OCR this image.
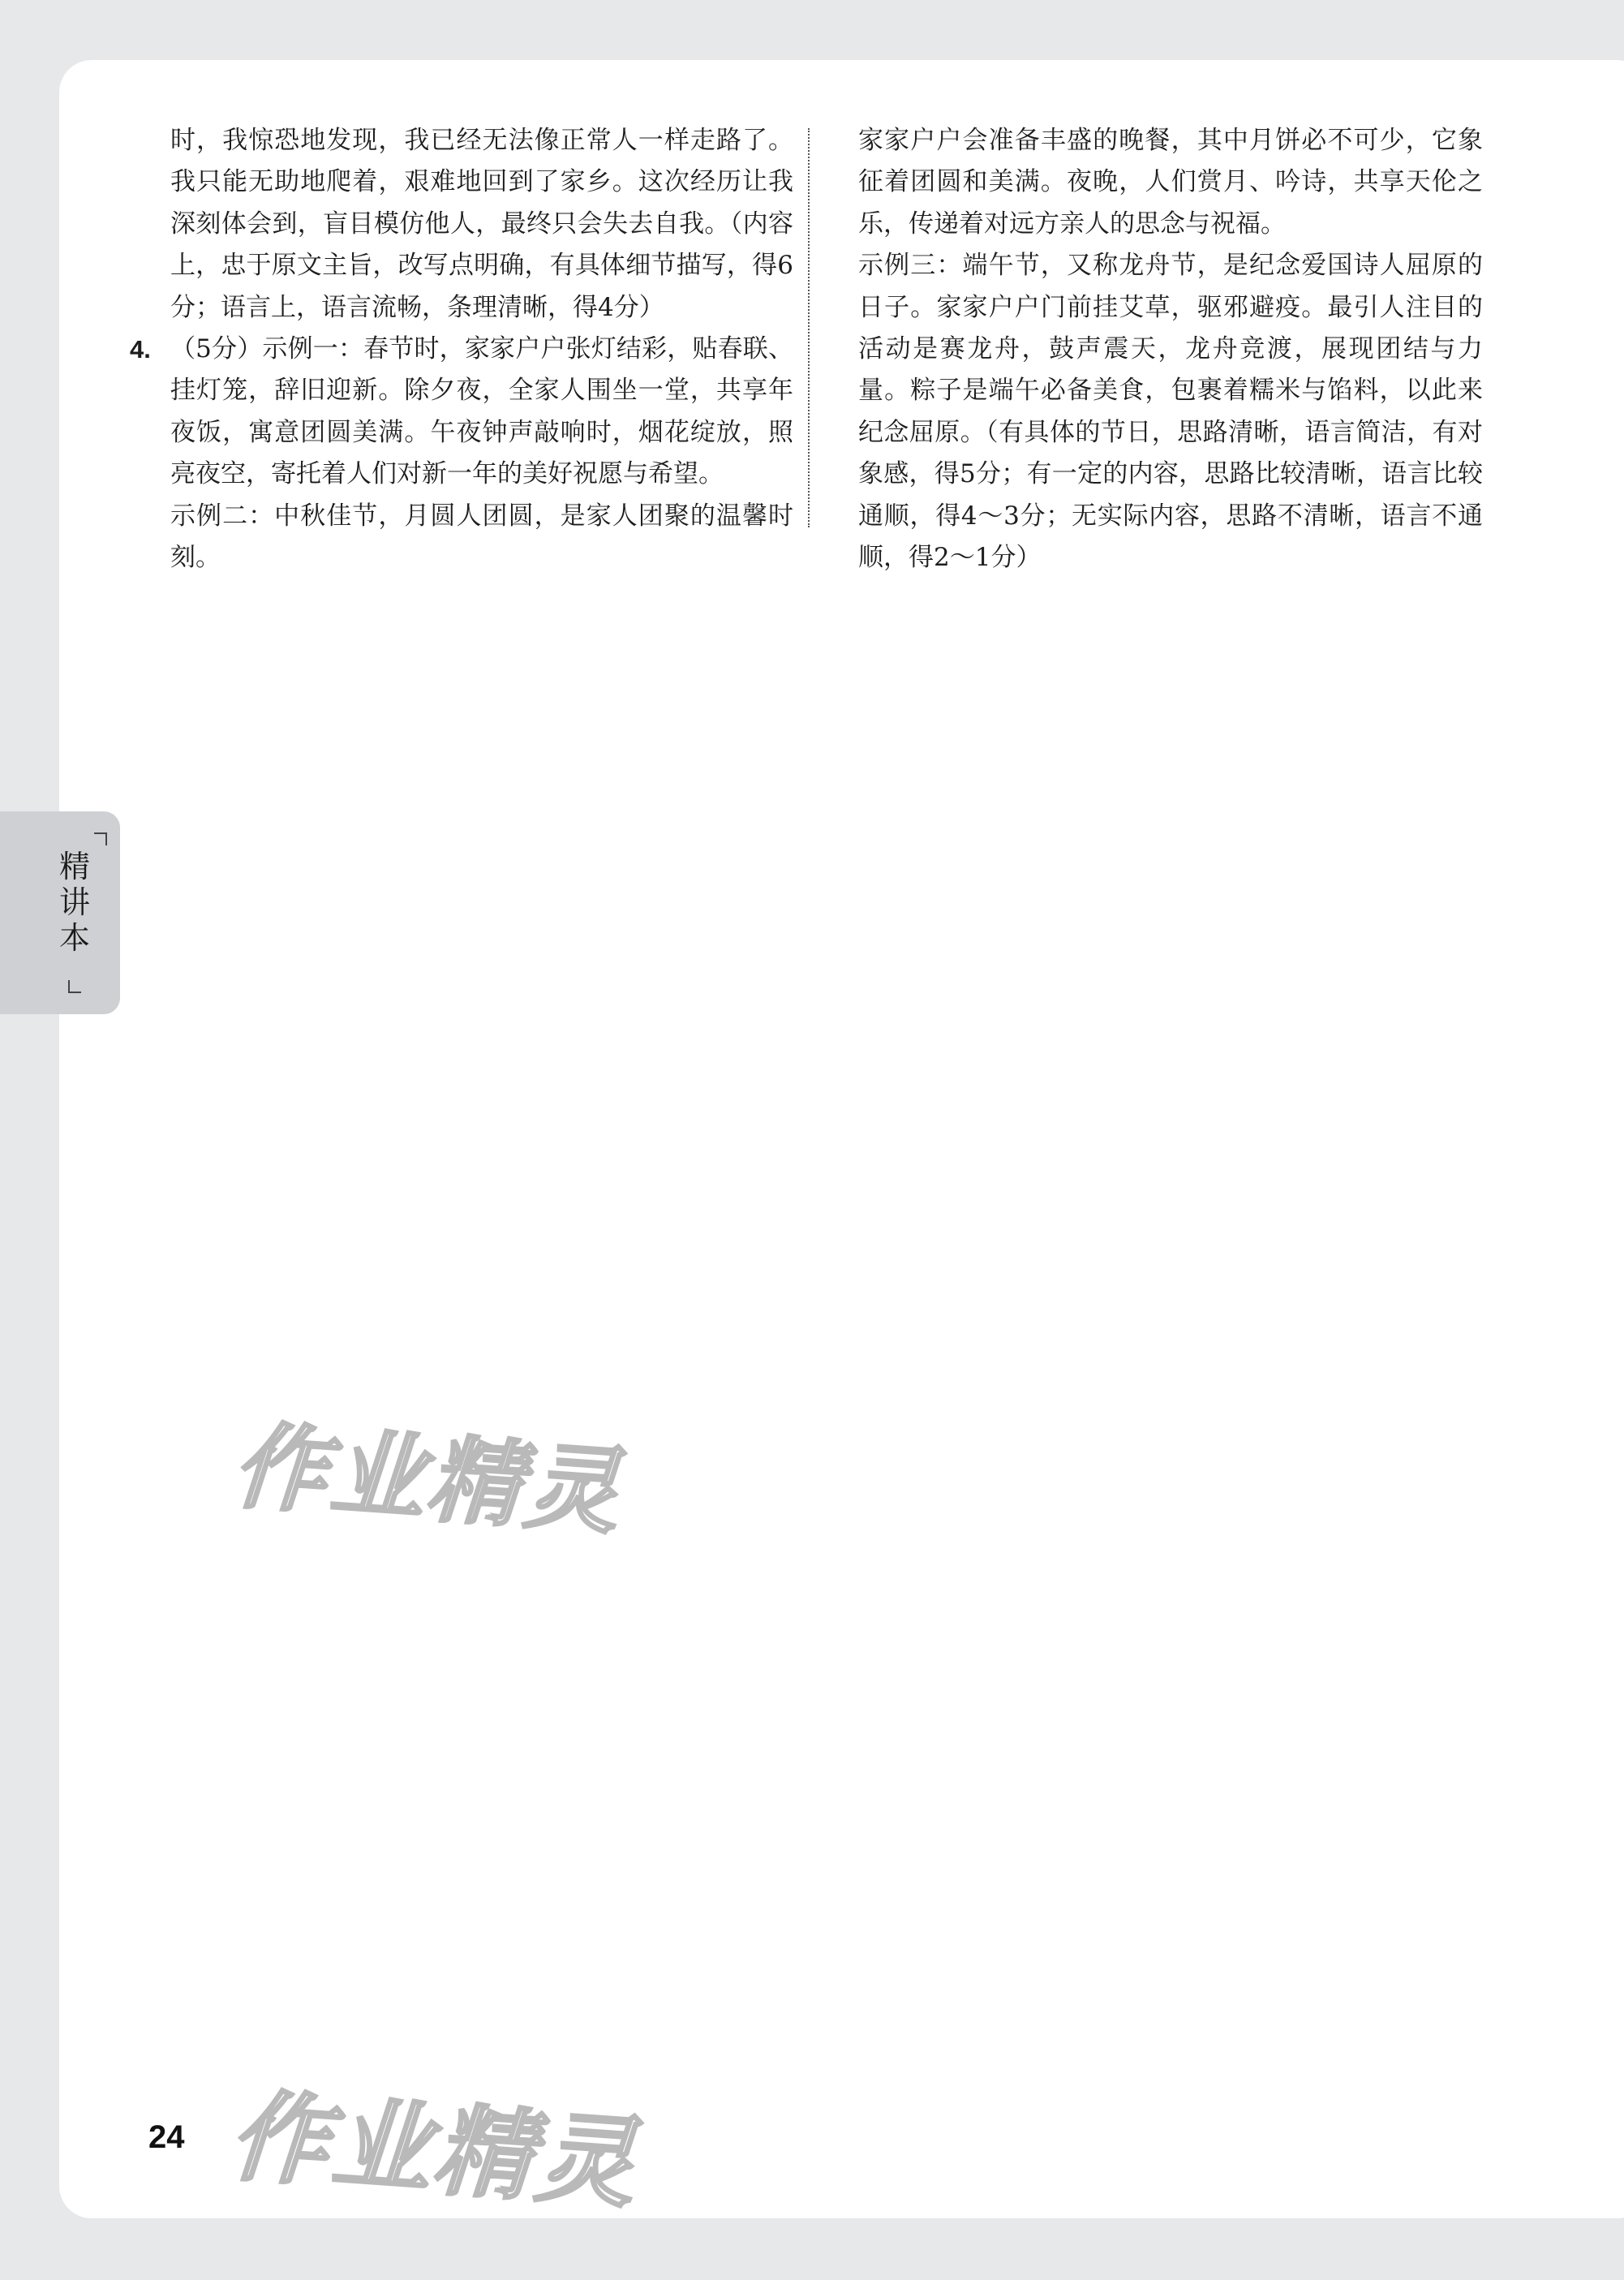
时，我惊恐地发现，我已经无法像正常人一样走路了。我只能无助地爬着，艰难地回到了家乡。这次经历让我深刻体会到，盲目模仿他人，最终只会失去自我。（内容上，忠于原文主旨，改写点明确，有具体细节描写，得6分；语言上，语言流畅，条理清晰，得4分）

4. （5分）示例一：春节时，家家户户张灯结彩，贴春联、挂灯笼，辞旧迎新。除夕夜，全家人围坐一堂，共享年夜饭，寓意团圆美满。午夜钟声敲响时，烟花绽放，照亮夜空，寄托着人们对新一年的美好祝愿与希望。

示例二：中秋佳节，月圆人团圆，是家人团聚的温馨时刻。

家家户户会准备丰盛的晚餐，其中月饼必不可少，它象征着团圆和美满。夜晚，人们赏月、吟诗，共享天伦之乐，传递着对远方亲人的思念与祝福。

示例三：端午节，又称龙舟节，是纪念爱国诗人屈原的日子。家家户户门前挂艾草，驱邪避疫。最引人注目的活动是赛龙舟，鼓声震天，龙舟竞渡，展现团结与力量。粽子是端午必备美食，包裹着糯米与馅料，以此来纪念屈原。（有具体的节日，思路清晰，语言简洁，有对象感，得5分；有一定的内容，思路比较清晰，语言比较通顺，得4～3分；无实际内容，思路不清晰，语言不通顺，得2～1分）

精讲本
作业精灵
作业精灵
24
